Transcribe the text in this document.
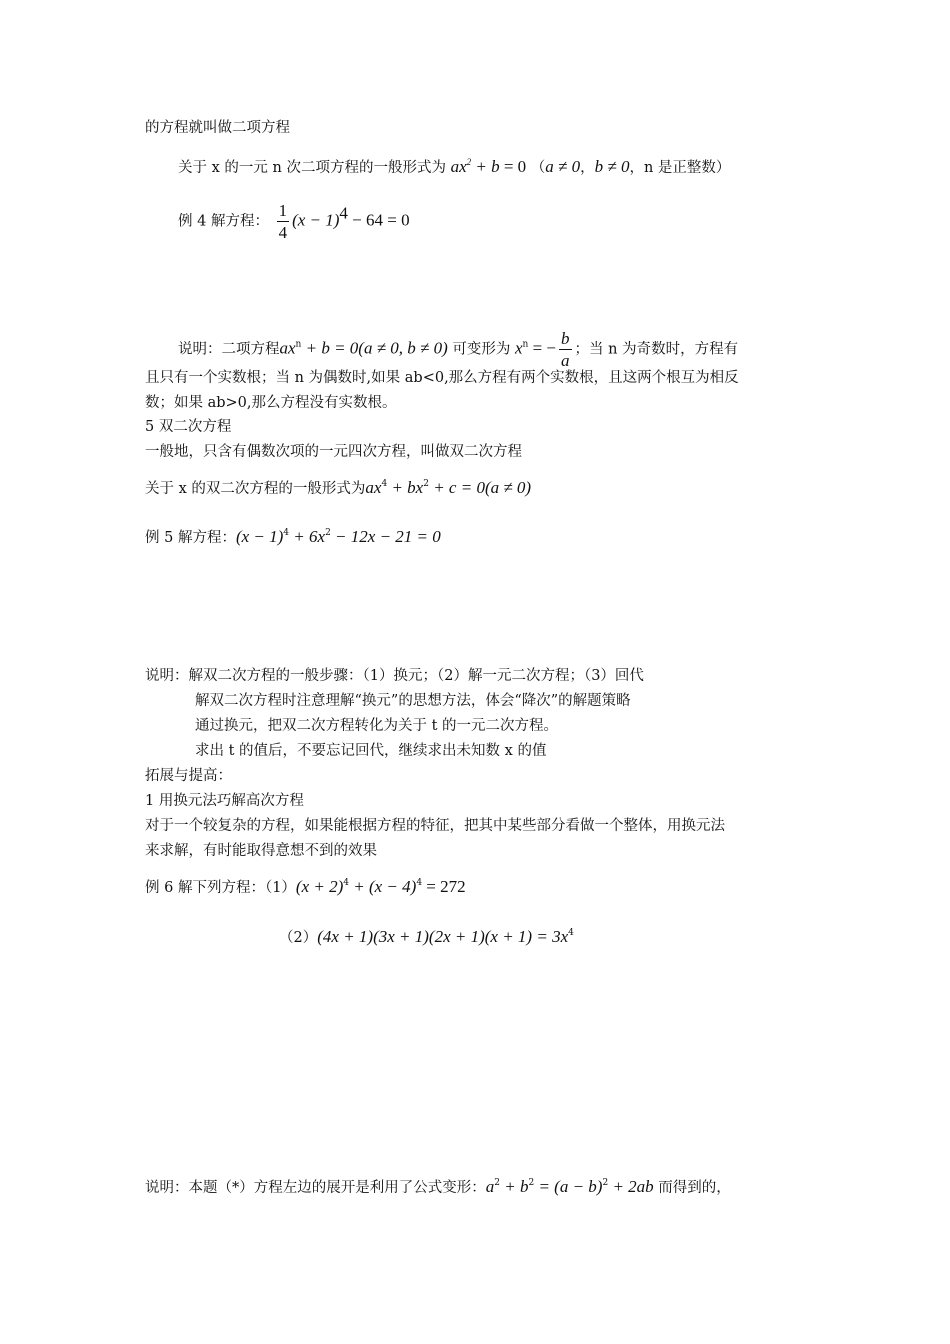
的方程就叫做二项方程
关于 x 的一元 n 次二项方程的一般形式为 $ax^2 + b = 0$ （a ≠ 0，b ≠ 0，n 是正整数）
例 4 解方程： $\frac{1}{4} (x - 1)^4 - 64 = 0$
说明：二项方程$ax^n + b = 0(a \ne 0$, b ≠ 0) 可变形为 $x^n$ = − $\frac{b}{a}$ ；当 n 为奇数时，方程有
且只有一个实数根；当 n 为偶数时,如果 ab<0,那么方程有两个实数根，且这两个根互为相反
数；如果 ab>0,那么方程没有实数根。
5 双二次方程
一般地，只含有偶数次项的一元四次方程，叫做双二次方程
关于 x 的双二次方程的一般形式为$ax^4 + bx^2 + c = 0(a \ne 0)$
例 5 解方程：$(x - 1)^4 + 6x^2 - 12x - 21 = 0$
说明：解双二次方程的一般步骤：（1）换元；（2）解一元二次方程；（3）回代
解双二次方程时注意理解“换元”的思想方法，体会“降次”的解题策略
通过换元，把双二次方程转化为关于 t 的一元二次方程。
求出 t 的值后，不要忘记回代，继续求出未知数 x 的值
拓展与提高：
1 用换元法巧解高次方程
对于一个较复杂的方程，如果能根据方程的特征，把其中某些部分看做一个整体，用换元法
来求解，有时能取得意想不到的效果
例 6 解下列方程：$(1)(x + 2)^4 + (x - 4)^4 = 272$
$(2)(4x + 1)(3x + 1)(2x + 1)(x + 1) = 3x^4$
说明：本题（*）方程左边的展开是利用了公式变形：$a^2 + b^2 = (a - b)^2 + 2ab$ 而得到的，
